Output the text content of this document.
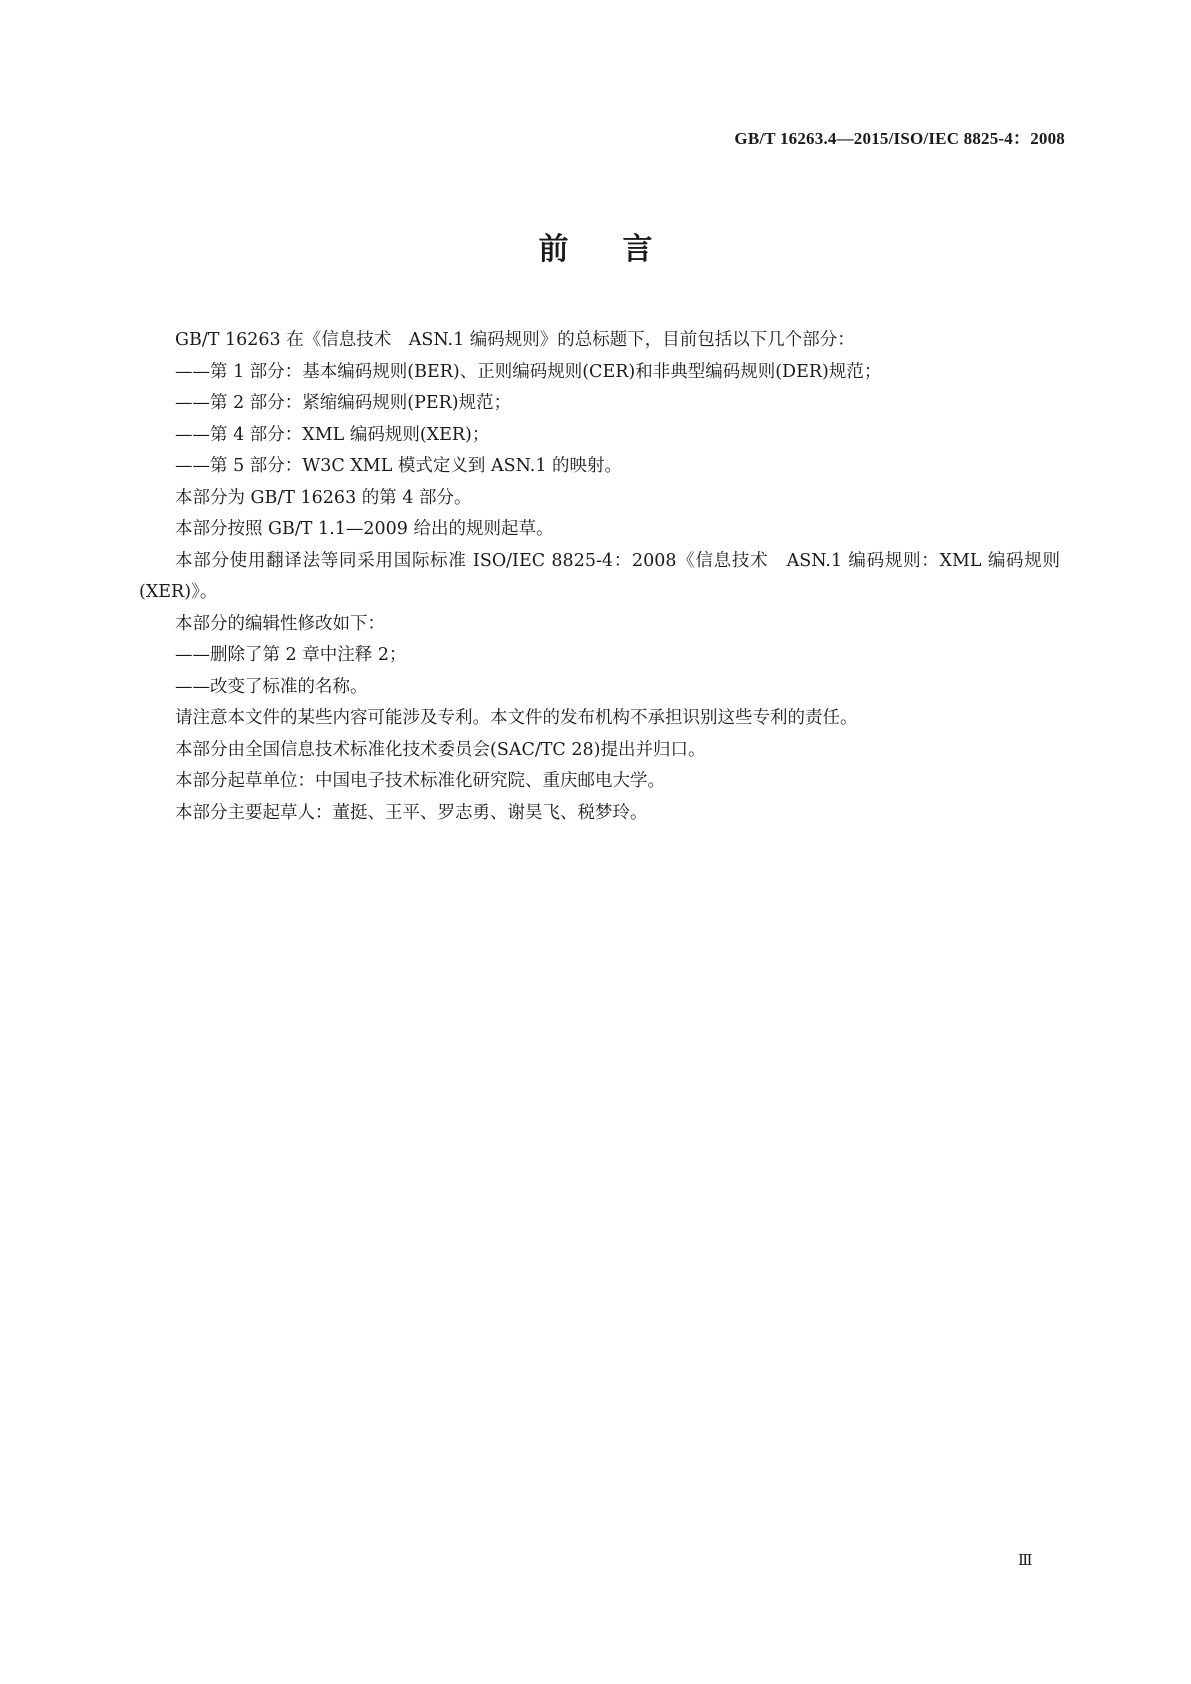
GB/T 16263.4—2015/ISO/IEC 8825-4：2008
前言

GB/T 16263 在《信息技术　ASN.1 编码规则》的总标题下，目前包括以下几个部分：

——第 1 部分：基本编码规则(BER)、正则编码规则(CER)和非典型编码规则(DER)规范；

——第 2 部分：紧缩编码规则(PER)规范；

——第 4 部分：XML 编码规则(XER)；

——第 5 部分：W3C XML 模式定义到 ASN.1 的映射。

本部分为 GB/T 16263 的第 4 部分。

本部分按照 GB/T 1.1—2009 给出的规则起草。

本部分使用翻译法等同采用国际标准 ISO/IEC 8825-4：2008《信息技术　ASN.1 编码规则：XML 编码规则(XER)》。

本部分的编辑性修改如下：

——删除了第 2 章中注释 2；

——改变了标准的名称。

请注意本文件的某些内容可能涉及专利。本文件的发布机构不承担识别这些专利的责任。

本部分由全国信息技术标准化技术委员会(SAC/TC 28)提出并归口。

本部分起草单位：中国电子技术标准化研究院、重庆邮电大学。

本部分主要起草人：董挺、王平、罗志勇、谢昊飞、税梦玲。

Ⅲ
